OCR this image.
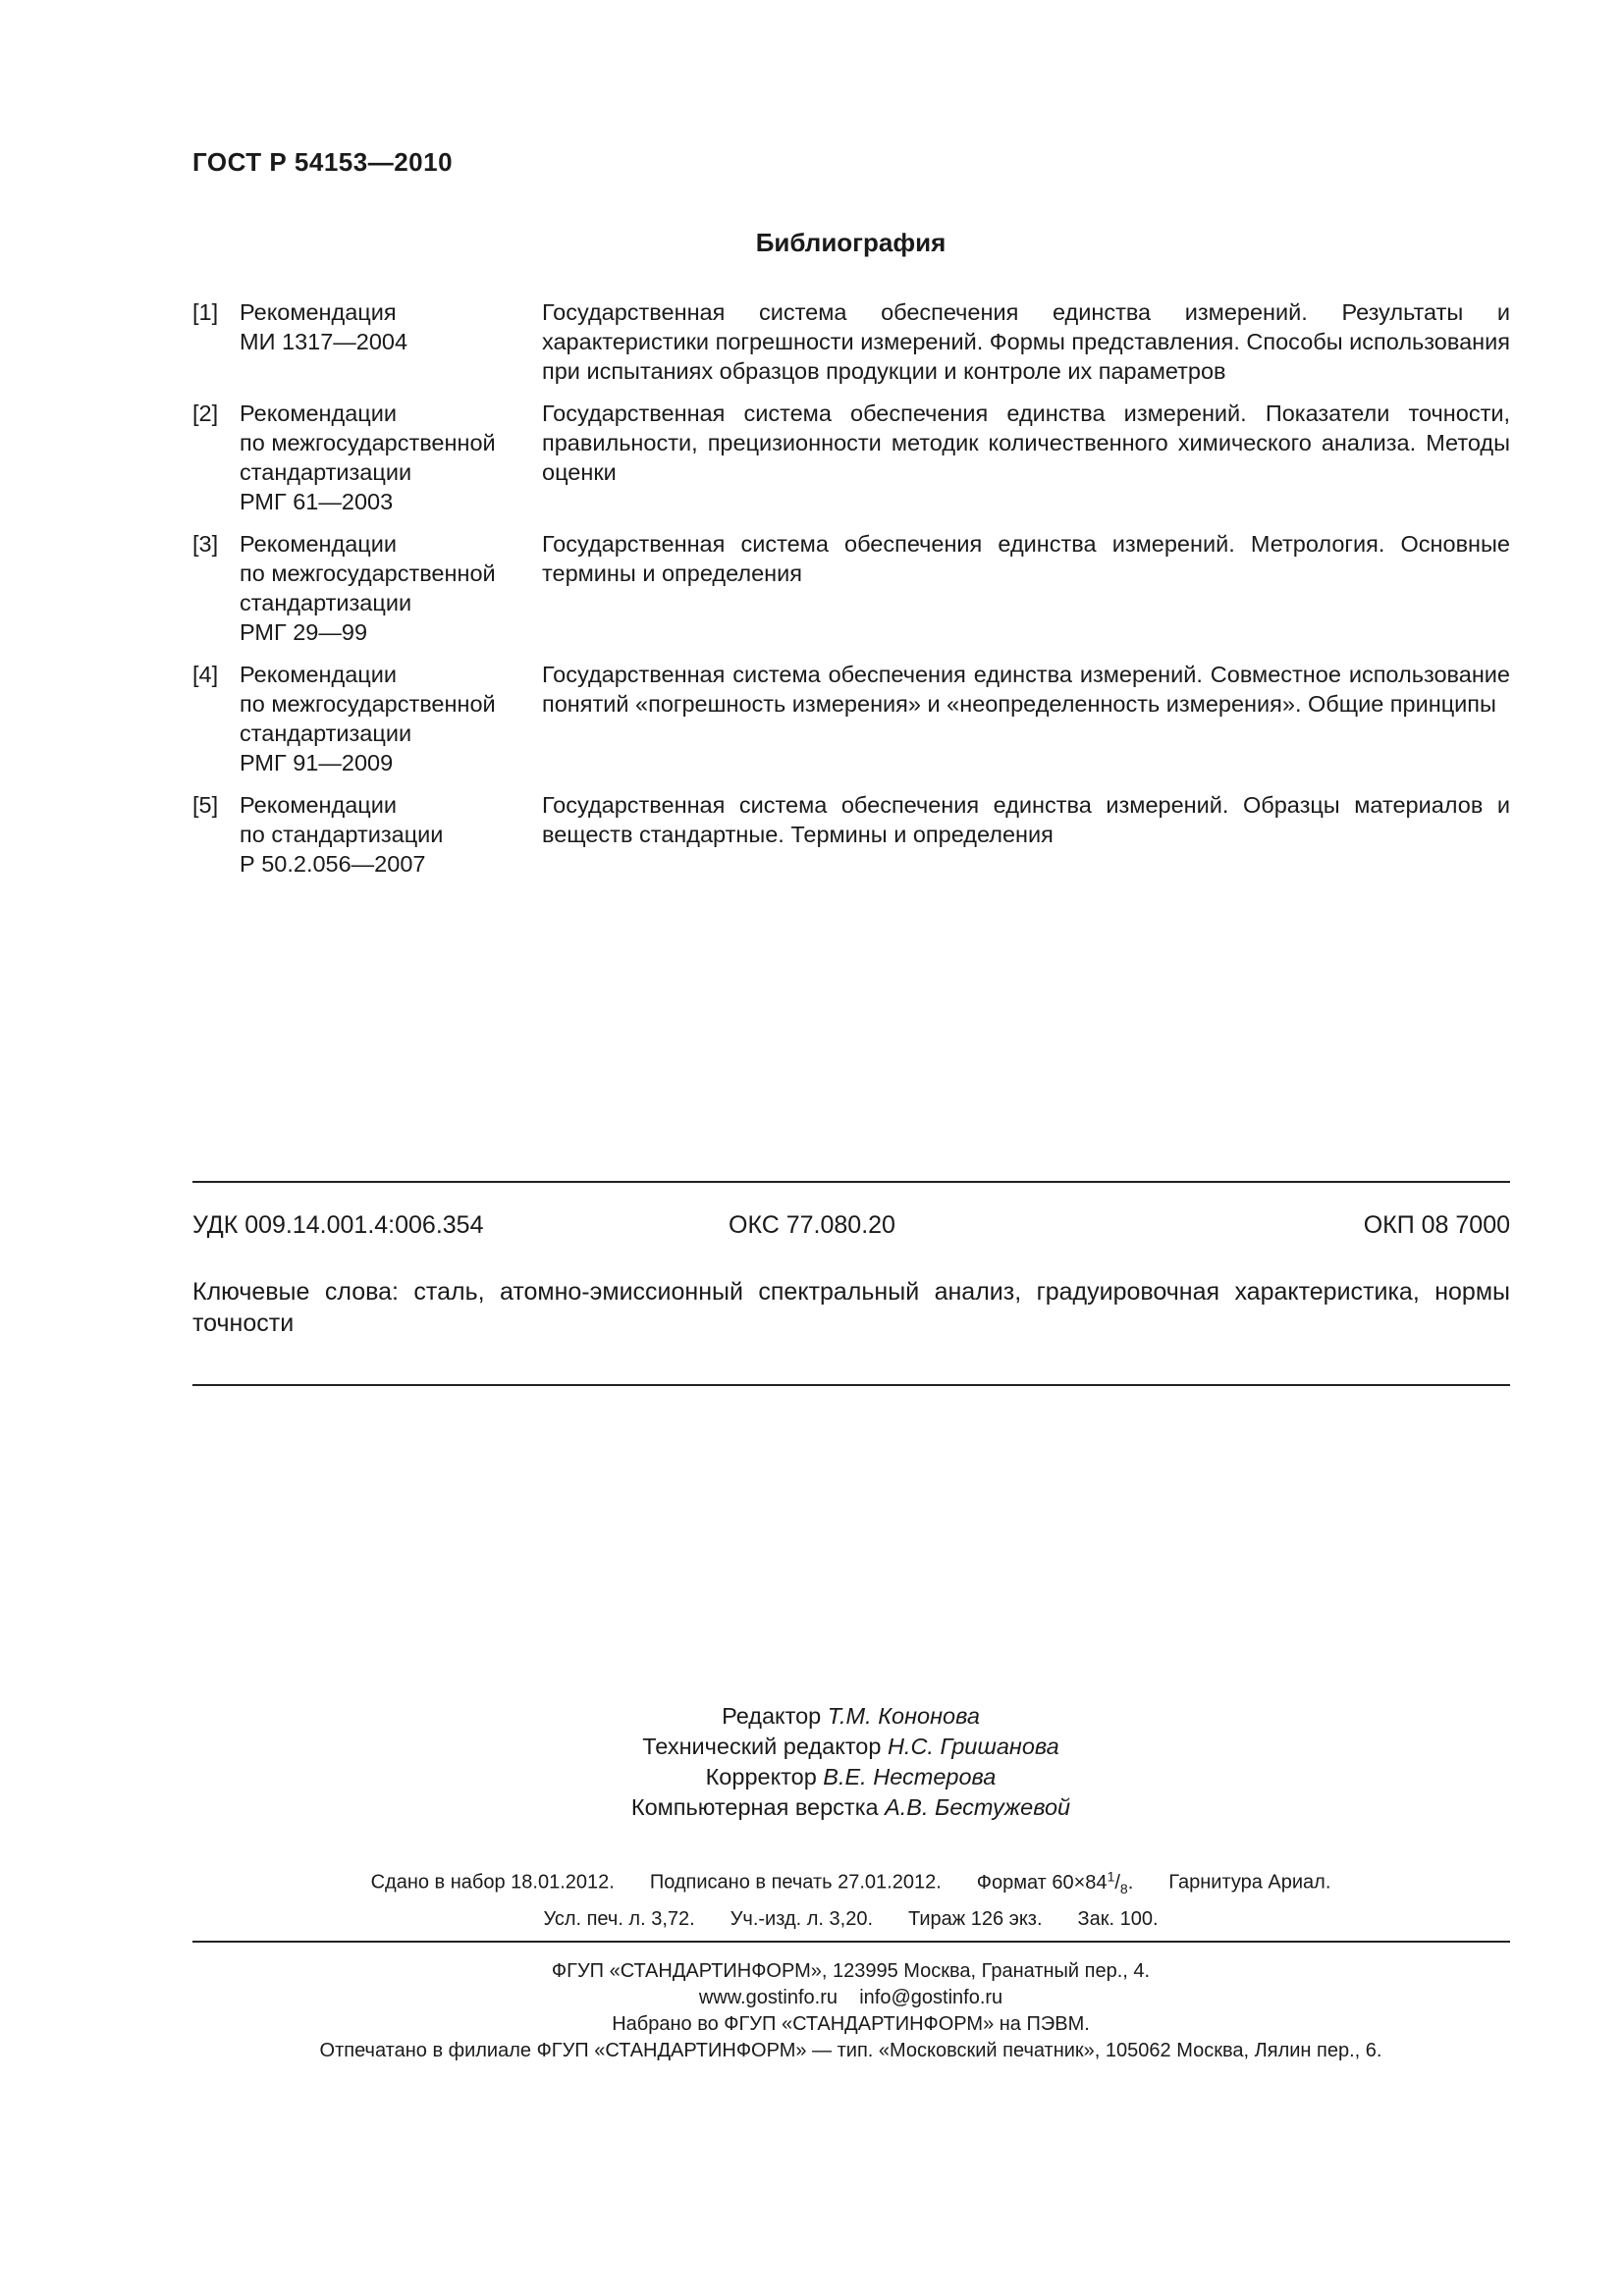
ГОСТ Р 54153—2010
Библиография
[1] Рекомендация
МИ 1317—2004
Государственная система обеспечения единства измерений. Результаты и характеристики погрешности измерений. Формы представления. Способы использования при испытаниях образцов продукции и контроле их параметров
[2] Рекомендации
по межгосударственной
стандартизации
РМГ 61—2003
Государственная система обеспечения единства измерений. Показатели точности, правильности, прецизионности методик количественного химического анализа. Методы оценки
[3] Рекомендации
по межгосударственной
стандартизации
РМГ 29—99
Государственная система обеспечения единства измерений. Метрология. Основные термины и определения
[4] Рекомендации
по межгосударственной
стандартизации
РМГ 91—2009
Государственная система обеспечения единства измерений. Совместное использование понятий «погрешность измерения» и «неопределенность измерения». Общие принципы
[5] Рекомендации
по стандартизации
Р 50.2.056—2007
Государственная система обеспечения единства измерений. Образцы материалов и веществ стандартные. Термины и определения
УДК 009.14.001.4:006.354	ОКС 77.080.20	ОКП 08 7000
Ключевые слова: сталь, атомно-эмиссионный спектральный анализ, градуировочная характеристика, нормы точности
Редактор Т.М. Кононова
Технический редактор Н.С. Гришанова
Корректор В.Е. Нестерова
Компьютерная верстка А.В. Бестужевой
Сдано в набор 18.01.2012. Подписано в печать 27.01.2012. Формат $60\times 84^1/_8$. Гарнитура Ариал.
Усл. печ. л. 3,72. Уч.-изд. л. 3,20. Тираж 126 экз. Зак. 100.
ФГУП «СТАНДАРТИНФОРМ», 123995 Москва, Гранатный пер., 4.
www.gostinfo.ru info@gostinfo.ru
Набрано во ФГУП «СТАНДАРТИНФОРМ» на ПЭВМ.
Отпечатано в филиале ФГУП «СТАНДАРТИНФОРМ» — тип. «Московский печатник», 105062 Москва, Лялин пер., 6.
